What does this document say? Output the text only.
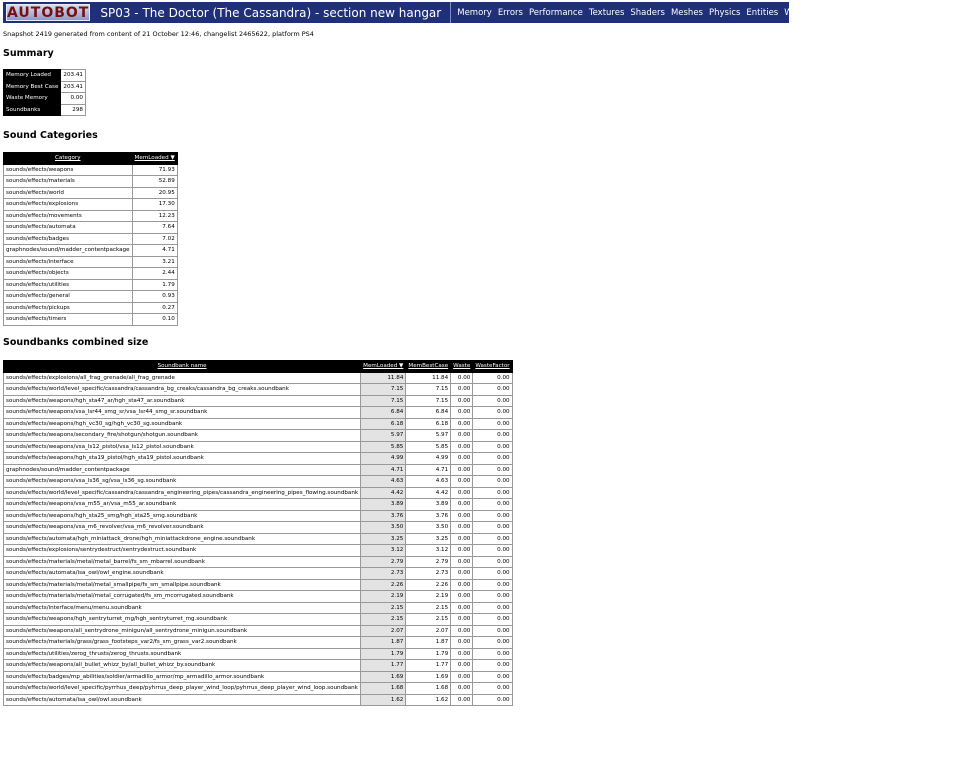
AUTOBOT SP03 - The Doctor (The Cassandra) - section new hangar Memory Errors Performance Textures Shaders Meshes Physics Entities Wave Music
Snapshot 2419 generated from content of 21 October 12:46, changelist 2465622, platform PS4
Summary
Memory Loaded	203.41
Memory Best Case	203.41
Waste Memory	0.00
Soundbanks	298
Sound Categories
Category	MemLoaded ▼
sounds/effects/weapons	71.93
sounds/effects/materials	52.89
sounds/effects/world	20.95
sounds/effects/explosions	17.30
sounds/effects/movements	12.23
sounds/effects/automata	7.64
sounds/effects/badges	7.02
graphnodes/sound/madder_contentpackage	4.71
sounds/effects/interface	3.21
sounds/effects/objects	2.44
sounds/effects/utilities	1.79
sounds/effects/general	0.93
sounds/effects/pickups	0.27
sounds/effects/timers	0.10
Soundbanks combined size
Soundbank name	MemLoaded ▼	MemBestCase	Waste	WasteFactor
sounds/effects/explosions/all_frag_grenade/all_frag_grenade	11.84	11.84	0.00	0.00
sounds/effects/world/level_specific/cassandra/cassandra_bg_creaks/cassandra_bg_creaks.soundbank	7.15	7.15	0.00	0.00
sounds/effects/weapons/hgh_sta47_ar/hgh_sta47_ar.soundbank	7.15	7.15	0.00	0.00
sounds/effects/weapons/vsa_lsr44_smg_sr/vsa_lsr44_smg_sr.soundbank	6.84	6.84	0.00	0.00
sounds/effects/weapons/hgh_vc30_sg/hgh_vc30_sg.soundbank	6.18	6.18	0.00	0.00
sounds/effects/weapons/secondary_fire/shotgun/shotgun.soundbank	5.97	5.97	0.00	0.00
sounds/effects/weapons/vsa_ls12_pistol/vsa_ls12_pistol.soundbank	5.85	5.85	0.00	0.00
sounds/effects/weapons/hgh_sta19_pistol/hgh_sta19_pistol.soundbank	4.99	4.99	0.00	0.00
graphnodes/sound/madder_contentpackage	4.71	4.71	0.00	0.00
sounds/effects/weapons/vsa_ls36_sg/vsa_ls36_sg.soundbank	4.63	4.63	0.00	0.00
sounds/effects/world/level_specific/cassandra/cassandra_engineering_pipes/cassandra_engineering_pipes_flowing.soundbank	4.42	4.42	0.00	0.00
sounds/effects/weapons/vsa_m55_ar/vsa_m55_ar.soundbank	3.89	3.89	0.00	0.00
sounds/effects/weapons/hgh_sta25_smg/hgh_sta25_smg.soundbank	3.76	3.76	0.00	0.00
sounds/effects/weapons/vsa_m6_revolver/vsa_m6_revolver.soundbank	3.50	3.50	0.00	0.00
sounds/effects/automata/hgh_miniattack_drone/hgh_miniattackdrone_engine.soundbank	3.25	3.25	0.00	0.00
sounds/effects/explosions/sentrydestruct/sentrydestruct.soundbank	3.12	3.12	0.00	0.00
sounds/effects/materials/metal/metal_barrel/fs_sm_mbarrel.soundbank	2.79	2.79	0.00	0.00
sounds/effects/automata/isa_owl/owl_engine.soundbank	2.73	2.73	0.00	0.00
sounds/effects/materials/metal/metal_smallpipe/fs_sm_smallpipe.soundbank	2.26	2.26	0.00	0.00
sounds/effects/materials/metal/metal_corrugated/fs_sm_mcorrugated.soundbank	2.19	2.19	0.00	0.00
sounds/effects/interface/menu/menu.soundbank	2.15	2.15	0.00	0.00
sounds/effects/weapons/hgh_sentryturret_mg/hgh_sentryturret_mg.soundbank	2.15	2.15	0.00	0.00
sounds/effects/weapons/all_sentrydrone_minigun/all_sentrydrone_minigun.soundbank	2.07	2.07	0.00	0.00
sounds/effects/materials/grass/grass_footsteps_var2/fs_sm_grass_var2.soundbank	1.87	1.87	0.00	0.00
sounds/effects/utilities/zerog_thrusts/zerog_thrusts.soundbank	1.79	1.79	0.00	0.00
sounds/effects/weapons/all_bullet_whizz_by/all_bullet_whizz_by.soundbank	1.77	1.77	0.00	0.00
sounds/effects/badges/mp_abilities/soldier/armadillo_armor/mp_armadillo_armor.soundbank	1.69	1.69	0.00	0.00
sounds/effects/world/level_specific/pyrrhus_deep/pyhrrus_deep_player_wind_loop/pyhrrus_deep_player_wind_loop.soundbank	1.68	1.68	0.00	0.00
sounds/effects/automata/isa_owl/owl.soundbank	1.62	1.62	0.00	0.00
